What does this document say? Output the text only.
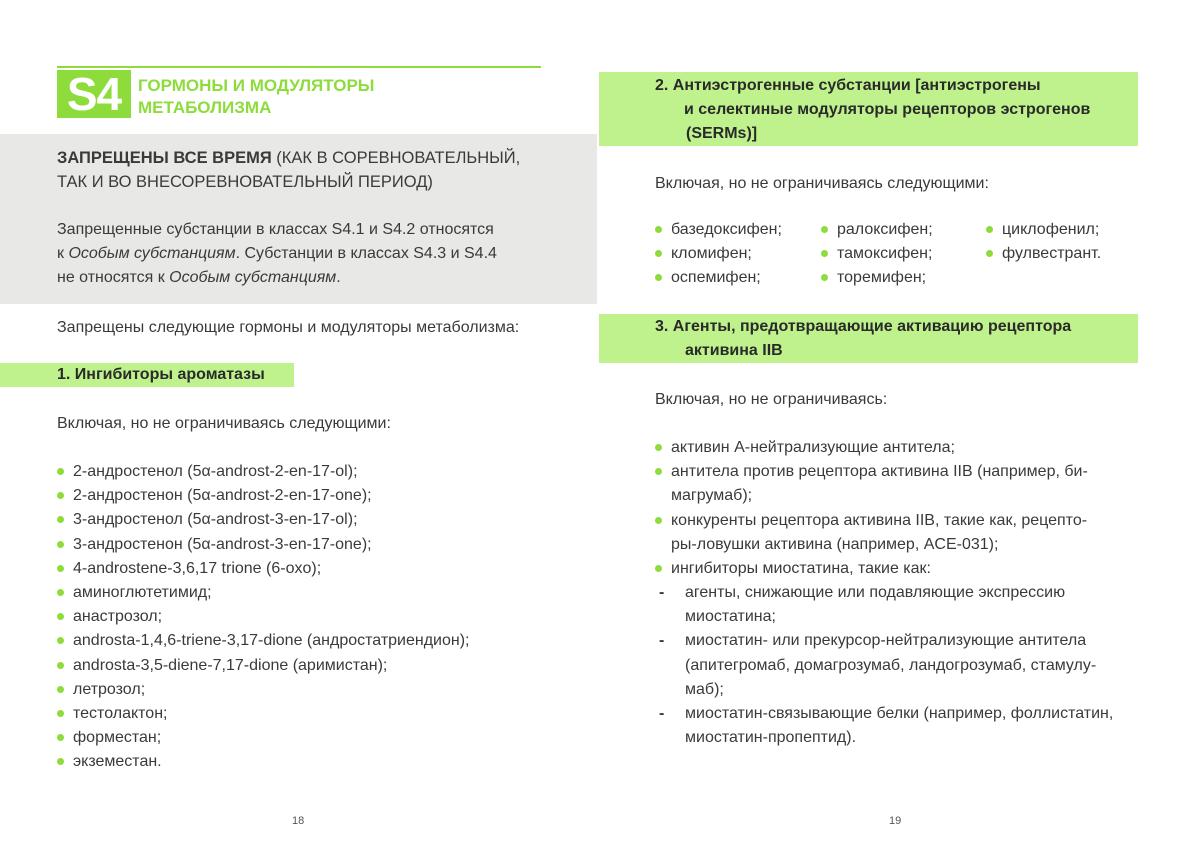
S4 ГОРМОНЫ И МОДУЛЯТОРЫ
МЕТАБОЛИЗМА
ЗАПРЕЩЕНЫ ВСЕ ВРЕМЯ (КАК В СОРЕВНОВАТЕЛЬНЫЙ,
ТАК И ВО ВНЕСОРЕВНОВАТЕЛЬНЫЙ ПЕРИОД)
Запрещенные субстанции в классах S4.1 и S4.2 относятся
к Особым субстанциям. Субстанции в классах S4.3 и S4.4
не относятся к Особым субстанциям.
Запрещены следующие гормоны и модуляторы метаболизма:
1. Ингибиторы ароматазы
Включая, но не ограничиваясь следующими:
2-андростенол (5α-androst-2-en-17-ol);
2-андростенон (5α-androst-2-en-17-one);
3-андростенол (5α-androst-3-en-17-ol);
3-андростенон (5α-androst-3-en-17-one);
4-androstene-3,6,17 trione (6-oxo);
аминоглютетимид;
анастрозол;
androsta-1,4,6-triene-3,17-dione (андростатриендион);
androsta-3,5-diene-7,17-dione (аримистан);
летрозол;
тестолактон;
форместан;
экземестан.
18
2. Антиэстрогенные субстанции [антиэстрогены
и селектиные модуляторы рецепторов эстрогенов
(SERMs)]
Включая, но не ограничиваясь следующими:
базедоксифен;
кломифен;
оспемифен;
ралоксифен;
тамоксифен;
торемифен;
циклофенил;
фулвестрант.
3. Агенты, предотвращающие активацию рецептора
активина IIB
Включая, но не ограничиваясь:
активин А-нейтрализующие антитела;
антитела против рецептора активина IIB (например, би-
магрумаб);
конкуренты рецептора активина IIB, такие как, рецепто-
ры-ловушки активина (например, ACE-031);
ингибиторы миостатина, такие как:
- агенты, снижающие или подавляющие экспрессию
миостатина;
- миостатин- или прекурсор-нейтрализующие антитела
(апитегромаб, домагрозумаб, ландогрозумаб, стамулу-
маб);
- миостатин-связывающие белки (например, фоллистатин,
миостатин-пропептид).
19
